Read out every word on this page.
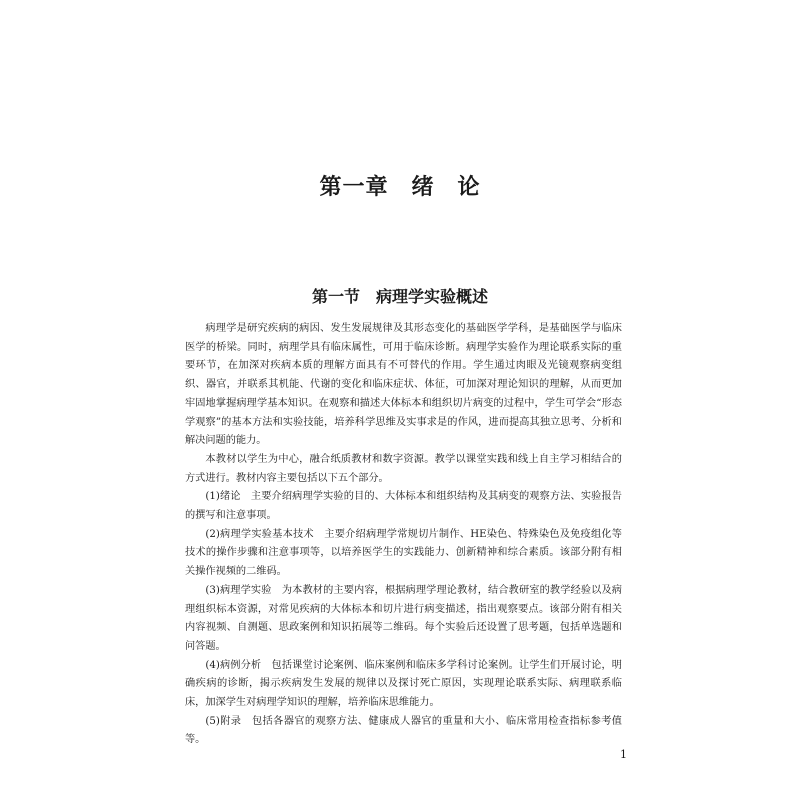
第一章　绪　论
第一节　病理学实验概述

病理学是研究疾病的病因、发生发展规律及其形态变化的基础医学学科，是基础医学与临床医学的桥梁。同时，病理学具有临床属性，可用于临床诊断。病理学实验作为理论联系实际的重要环节，在加深对疾病本质的理解方面具有不可替代的作用。学生通过肉眼及光镜观察病变组织、器官，并联系其机能、代谢的变化和临床症状、体征，可加深对理论知识的理解，从而更加牢固地掌握病理学基本知识。在观察和描述大体标本和组织切片病变的过程中，学生可学会“形态学观察”的基本方法和实验技能，培养科学思维及实事求是的作风，进而提高其独立思考、分析和解决问题的能力。

本教材以学生为中心，融合纸质教材和数字资源。教学以课堂实践和线上自主学习相结合的方式进行。教材内容主要包括以下五个部分。

(1)绪论　主要介绍病理学实验的目的、大体标本和组织结构及其病变的观察方法、实验报告的撰写和注意事项。

(2)病理学实验基本技术　主要介绍病理学常规切片制作、HE染色、特殊染色及免疫组化等技术的操作步骤和注意事项等，以培养医学生的实践能力、创新精神和综合素质。该部分附有相关操作视频的二维码。

(3)病理学实验　为本教材的主要内容，根据病理学理论教材，结合教研室的教学经验以及病理组织标本资源，对常见疾病的大体标本和切片进行病变描述，指出观察要点。该部分附有相关内容视频、自测题、思政案例和知识拓展等二维码。每个实验后还设置了思考题，包括单选题和问答题。

(4)病例分析　包括课堂讨论案例、临床案例和临床多学科讨论案例。让学生们开展讨论，明确疾病的诊断，揭示疾病发生发展的规律以及探讨死亡原因，实现理论联系实际、病理联系临床，加深学生对病理学知识的理解，培养临床思维能力。

(5)附录　包括各器官的观察方法、健康成人器官的重量和大小、临床常用检查指标参考值等。

1
